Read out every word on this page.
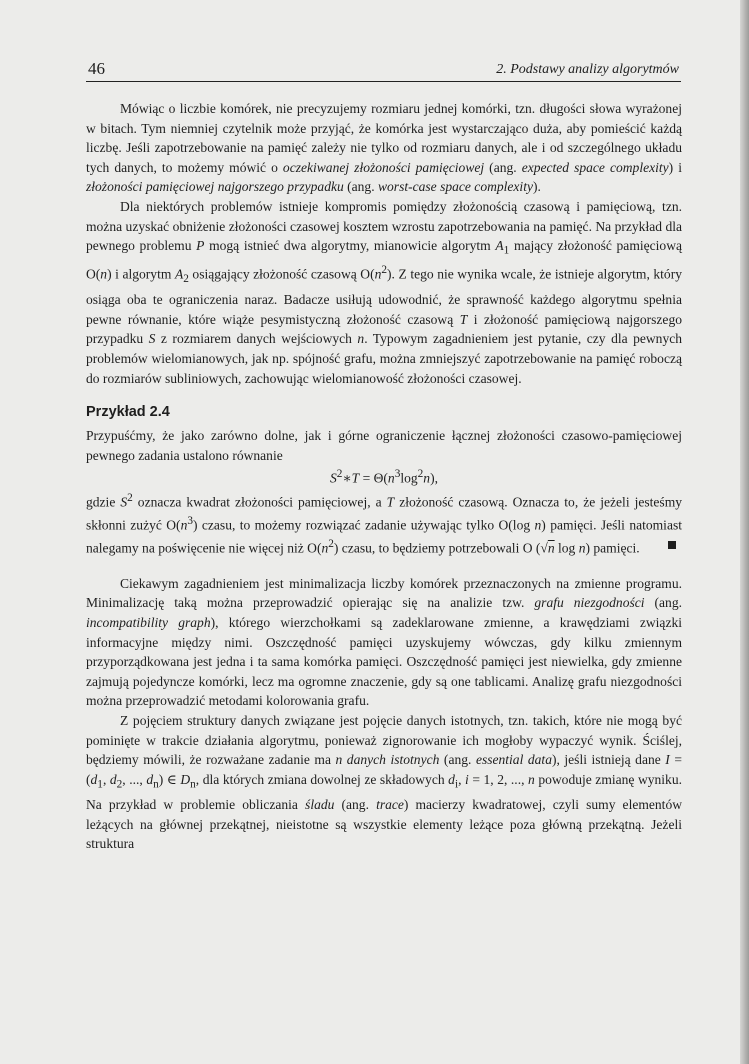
46	2. Podstawy analizy algorytmów

Mówiąc o liczbie komórek, nie precyzujemy rozmiaru jednej komórki, tzn. długości słowa wyrażonej w bitach. Tym niemniej czytelnik może przyjąć, że komórka jest wystarczająco duża, aby pomieścić każdą liczbę. Jeśli zapotrzebowanie na pamięć zależy nie tylko od rozmiaru danych, ale i od szczególnego układu tych danych, to możemy mówić o oczekiwanej złożoności pamięciowej (ang. expected space complexity) i złożoności pamięciowej najgorszego przypadku (ang. worst-case space complexity).

Dla niektórych problemów istnieje kompromis pomiędzy złożonością czasową i pamięciową, tzn. można uzyskać obniżenie złożoności czasowej kosztem wzrostu zapotrzebowania na pamięć. Na przykład dla pewnego problemu P mogą istnieć dwa algorytmy, mianowicie algorytm $A_1$ mający złożoność pamięciową O(n) i algorytm $A_2$ osiągający złożoność czasową $O(n^2)$. Z tego nie wynika wcale, że istnieje algorytm, który osiąga oba te ograniczenia naraz. Badacze usiłują udowodnić, że sprawność każdego algorytmu spełnia pewne równanie, które wiąże pesymistyczną złożoność czasową T i złożoność pamięciową najgorszego przypadku S z rozmiarem danych wejściowych n. Typowym zagadnieniem jest pytanie, czy dla pewnych problemów wielomianowych, jak np. spójność grafu, można zmniejszyć zapotrzebowanie na pamięć roboczą do rozmiarów subliniowych, zachowując wielomianowość złożoności czasowej.

Przykład 2.4

Przypuśćmy, że jako zarówno dolne, jak i górne ograniczenie łącznej złożoności czasowo-pamięciowej pewnego zadania ustalono równanie

$S^2∗T = \Theta(n^3\log^2n)$,

gdzie $S^2$ oznacza kwadrat złożoności pamięciowej, a T złożoność czasową. Oznacza to, że jeżeli jesteśmy skłonni zużyć $O(n^3)$ czasu, to możemy rozwiązać zadanie używając tylko O(log n) pamięci. Jeśli natomiast nalegamy na poświęcenie nie więcej niż $O(n^2)$ czasu, to będziemy potrzebowali O (√n log n) pamięci.

Ciekawym zagadnieniem jest minimalizacja liczby komórek przeznaczonych na zmienne programu. Minimalizację taką można przeprowadzić opierając się na analizie tzw. grafu niezgodności (ang. incompatibility graph), którego wierzchołkami są zadeklarowane zmienne, a krawędziami związki informacyjne między nimi. Oszczędność pamięci uzyskujemy wówczas, gdy kilku zmiennym przyporządkowana jest jedna i ta sama komórka pamięci. Oszczędność pamięci jest niewielka, gdy zmienne zajmują pojedyncze komórki, lecz ma ogromne znaczenie, gdy są one tablicami. Analizę grafu niezgodności można przeprowadzić metodami kolorowania grafu.

Z pojęciem struktury danych związane jest pojęcie danych istotnych, tzn. takich, które nie mogą być pominięte w trakcie działania algorytmu, ponieważ zignorowanie ich mogłoby wypaczyć wynik. Ściślej, będziemy mówili, że rozważane zadanie ma n danych istotnych (ang. essential data), jeśli istnieją dane $I = (d_1$, $d_2$, ..., $d_n$) ∈ $D_n$, dla których zmiana dowolnej ze składowych $d_i$, i = 1, 2, ..., n powoduje zmianę wyniku. Na przykład w problemie obliczania śladu (ang. trace) macierzy kwadratowej, czyli sumy elementów leżących na głównej przekątnej, nieistotne są wszystkie elementy leżące poza główną przekątną. Jeżeli struktura
